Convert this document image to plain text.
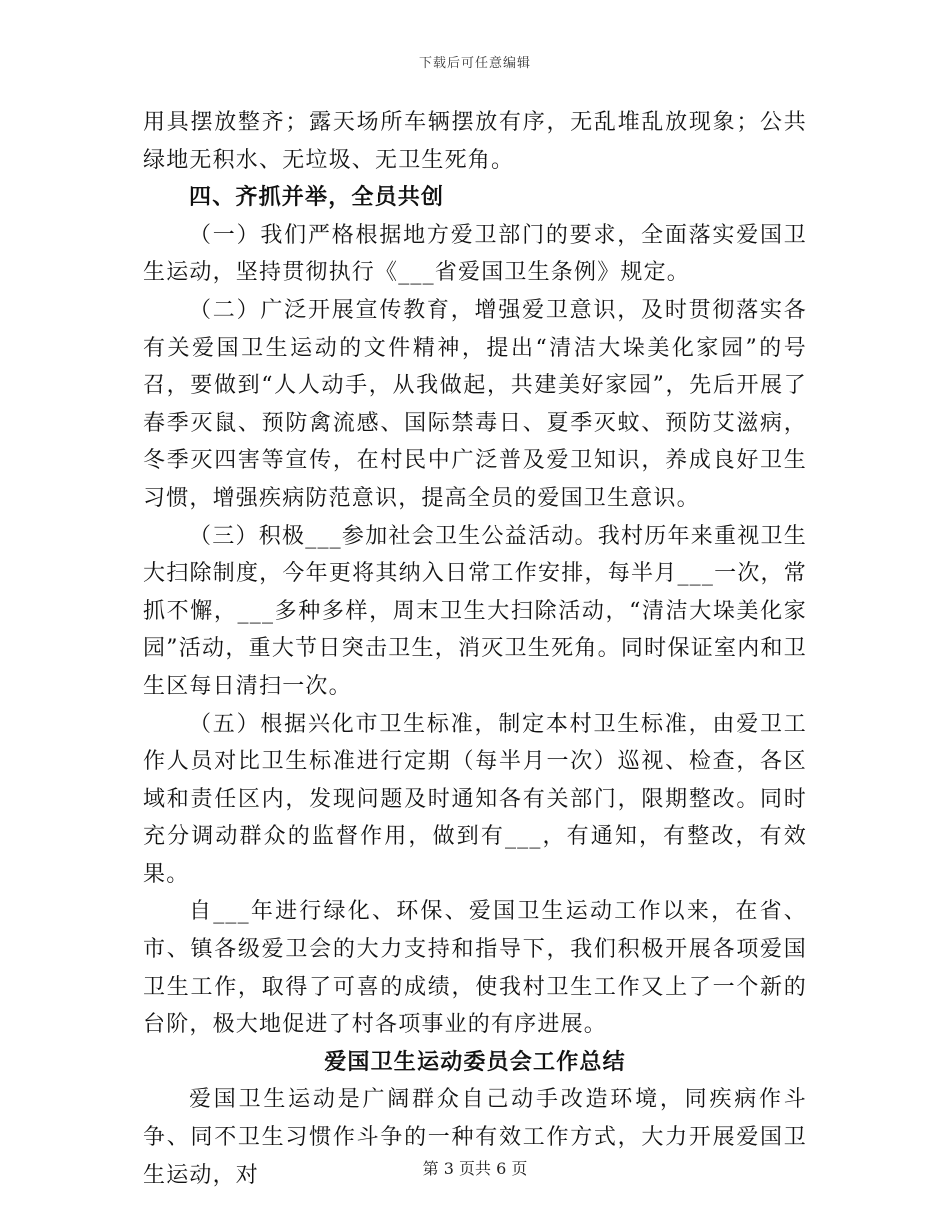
下载后可任意编辑

用具摆放整齐；露天场所车辆摆放有序，无乱堆乱放现象；公共绿地无积水、无垃圾、无卫生死角。

四、齐抓并举，全员共创

（一）我们严格根据地方爱卫部门的要求，全面落实爱国卫生运动，坚持贯彻执行《___省爱国卫生条例》规定。

（二）广泛开展宣传教育，增强爱卫意识，及时贯彻落实各有关爱国卫生运动的文件精神，提出“清洁大垛美化家园”的号召，要做到“人人动手，从我做起，共建美好家园”，先后开展了春季灭鼠、预防禽流感、国际禁毒日、夏季灭蚊、预防艾滋病，冬季灭四害等宣传，在村民中广泛普及爱卫知识，养成良好卫生习惯，增强疾病防范意识，提高全员的爱国卫生意识。

（三）积极___参加社会卫生公益活动。我村历年来重视卫生大扫除制度，今年更将其纳入日常工作安排，每半月___一次，常抓不懈，___多种多样，周末卫生大扫除活动，“清洁大垛美化家园”活动，重大节日突击卫生，消灭卫生死角。同时保证室内和卫生区每日清扫一次。

（五）根据兴化市卫生标准，制定本村卫生标准，由爱卫工作人员对比卫生标准进行定期（每半月一次）巡视、检查，各区域和责任区内，发现问题及时通知各有关部门，限期整改。同时充分调动群众的监督作用，做到有___，有通知，有整改，有效果。

自___年进行绿化、环保、爱国卫生运动工作以来，在省、市、镇各级爱卫会的大力支持和指导下，我们积极开展各项爱国卫生工作，取得了可喜的成绩，使我村卫生工作又上了一个新的台阶，极大地促进了村各项事业的有序进展。

爱国卫生运动委员会工作总结

爱国卫生运动是广阔群众自己动手改造环境，同疾病作斗争、同不卫生习惯作斗争的一种有效工作方式，大力开展爱国卫生运动，对	第 3 页共 6 页
